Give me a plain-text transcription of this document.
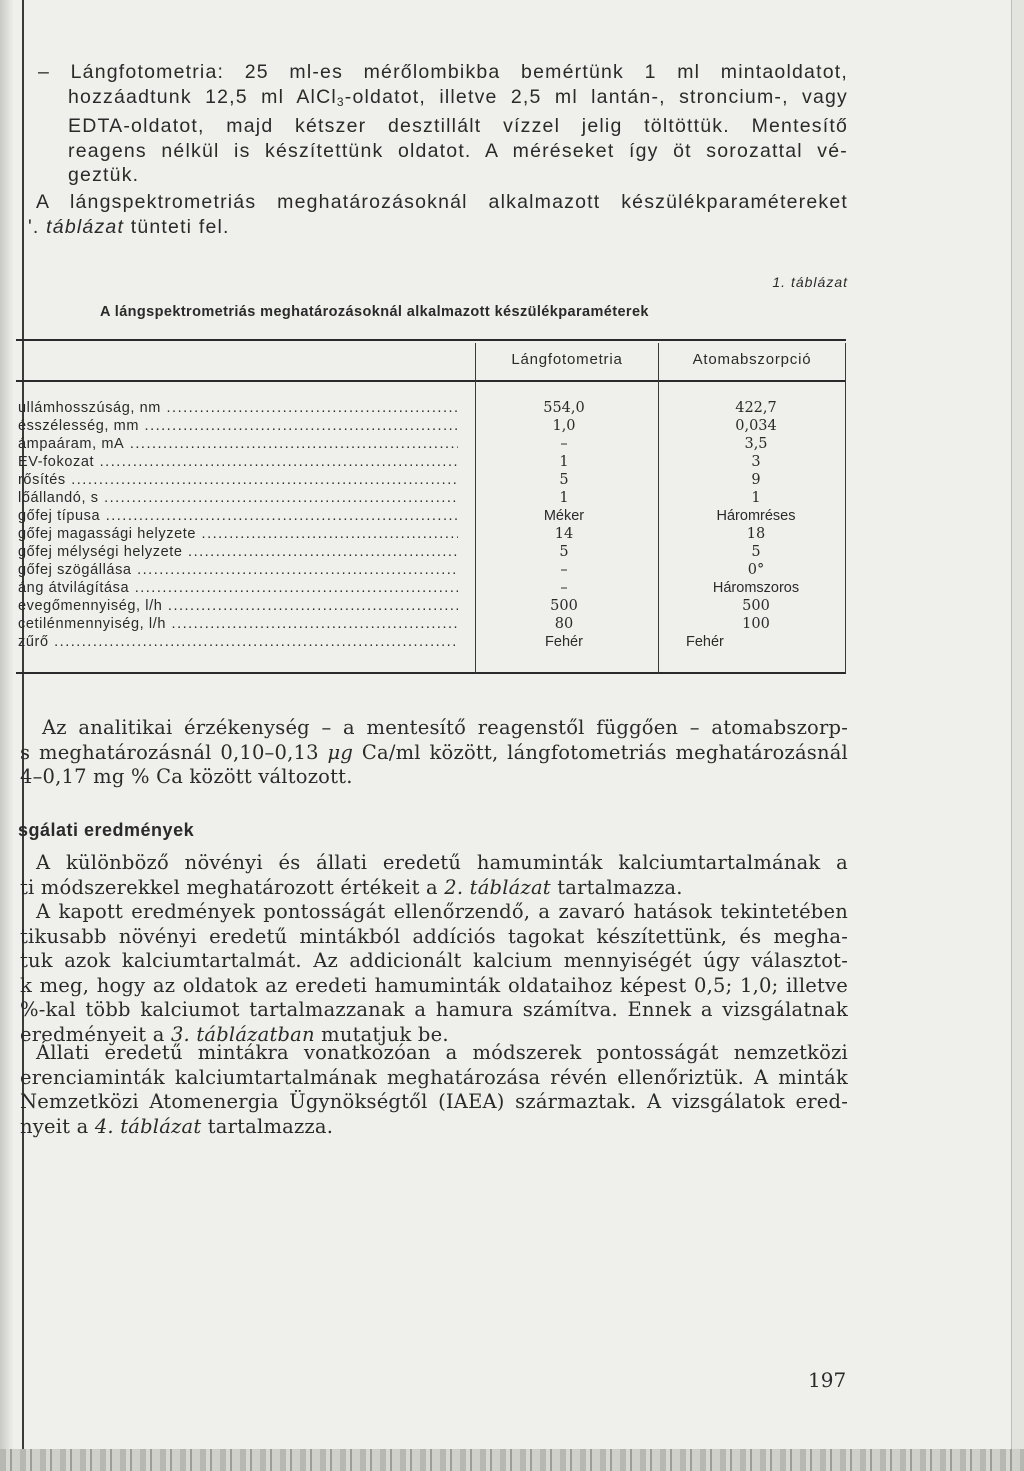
– Lángfotometria: 25 ml-es mérőlombikba bemértünk 1 ml mintaoldatot,
hozzáadtunk 12,5 ml AlCl$_3$-oldatot, illetve 2,5 ml lantán-, stroncium-, vagy
EDTA-oldatot, majd kétszer desztillált vízzel jelig töltöttük. Mentesítő
reagens nélkül is készítettünk oldatot. A méréseket így öt sorozattal vé-
geztük.
A lángspektrometriás meghatározásoknál alkalmazott készülékparamétereket
'. táblázat tünteti fel.
1. táblázat
A lángspektrometriás meghatározásoknál alkalmazott készülékparaméterek
Lángfotometria	Atomabszorpció
ullámhosszúság, nm .....	554,0	422,7
ésszélesség, mm .....	1,0	0,034
ámpaáram, mA .....	–	3,5
EV-fokozat .....	1	3
rősítés .....	5	9
lőállandó, s .....	1	1
gőfej típusa .....	Méker	Háromréses
gőfej magassági helyzete .....	14	18
gőfej mélységi helyzete .....	5	5
gőfej szögállása .....	–	0°
áng átvilágítása .....	–	Háromszoros
evegőmennyiség, l/h .....	500	500
cetilénmennyiség, l/h .....	80	100
zűrő .....	Fehér	Fehér
Az analitikai érzékenység – a mentesítő reagenstől függően – atomabszorp-
s meghatározásnál 0,10–0,13 μg Ca/ml között, lángfotometriás meghatározásnál
4–0,17 mg % Ca között változott.
sgálati eredmények
A különböző növényi és állati eredetű hamuminták kalciumtartalmának a
ti módszerekkel meghatározott értékeit a 2. táblázat tartalmazza.
A kapott eredmények pontosságát ellenőrzendő, a zavaró hatások tekintetében
tikusabb növényi eredetű mintákból addíciós tagokat készítettünk, és megha-
tuk azok kalciumtartalmát. Az addicionált kalcium mennyiségét úgy választot-
k meg, hogy az oldatok az eredeti hamuminták oldataihoz képest 0,5; 1,0; illetve
%-kal több kalciumot tartalmazzanak a hamura számítva. Ennek a vizsgálatnak
eredményeit a 3. táblázatban mutatjuk be.
Állati eredetű mintákra vonatkozóan a módszerek pontosságát nemzetközi
erenciaminták kalciumtartalmának meghatározása révén ellenőriztük. A minták
Nemzetközi Atomenergia Ügynökségtől (IAEA) származtak. A vizsgálatok ered-
nyeit a 4. táblázat tartalmazza.
197
